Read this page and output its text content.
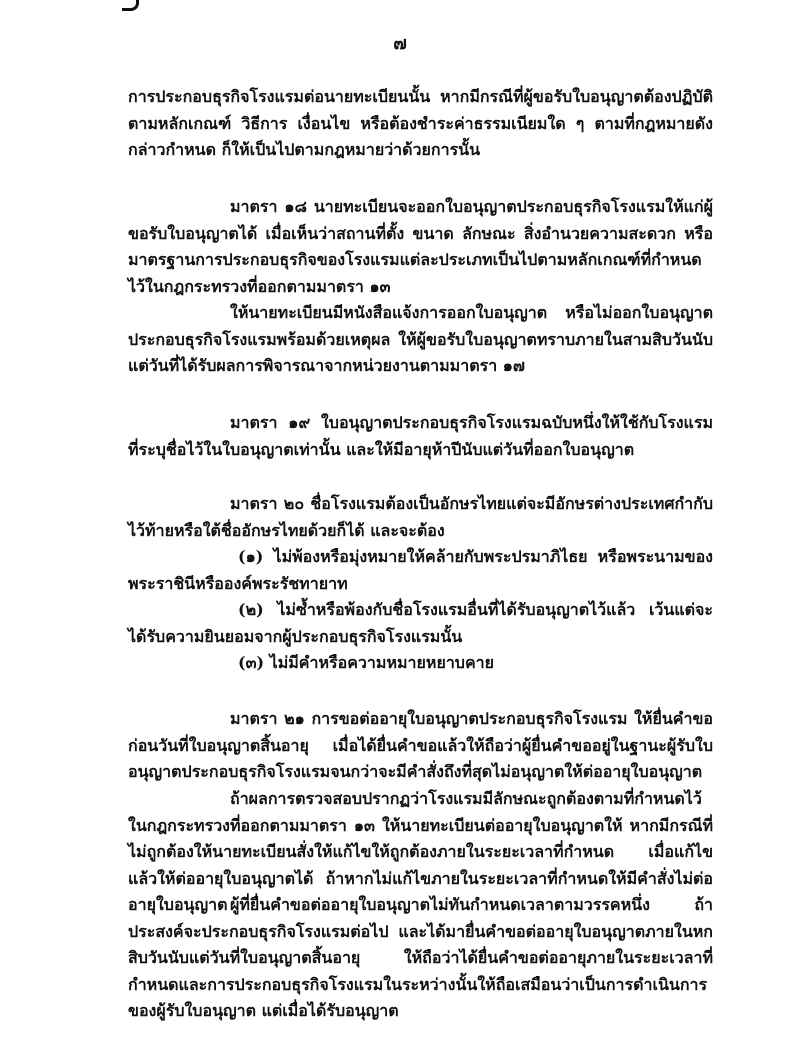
๗

การประกอบธุรกิจโรงแรมต่อนายทะเบียนนั้น หากมีกรณีที่ผู้ขอรับใบอนุญาตต้องปฏิบัติตามหลักเกณฑ์ วิธีการ เงื่อนไข หรือต้องชำระค่าธรรมเนียมใด ๆ ตามที่กฎหมายดังกล่าวกำหนด ก็ให้เป็นไปตามกฎหมายว่าด้วยการนั้น

มาตรา ๑๘ นายทะเบียนจะออกใบอนุญาตประกอบธุรกิจโรงแรมให้แก่ผู้ขอรับใบอนุญาตได้ เมื่อเห็นว่าสถานที่ตั้ง ขนาด ลักษณะ สิ่งอำนวยความสะดวก หรือมาตรฐานการประกอบธุรกิจของโรงแรมแต่ละประเภทเป็นไปตามหลักเกณฑ์ที่กำหนดไว้ในกฎกระทรวงที่ออกตามมาตรา ๑๓

ให้นายทะเบียนมีหนังสือแจ้งการออกใบอนุญาต หรือไม่ออกใบอนุญาตประกอบธุรกิจโรงแรมพร้อมด้วยเหตุผล ให้ผู้ขอรับใบอนุญาตทราบภายในสามสิบวันนับแต่วันที่ได้รับผลการพิจารณาจากหน่วยงานตามมาตรา ๑๗

มาตรา ๑๙ ใบอนุญาตประกอบธุรกิจโรงแรมฉบับหนึ่งให้ใช้กับโรงแรมที่ระบุชื่อไว้ในใบอนุญาตเท่านั้น และให้มีอายุห้าปีนับแต่วันที่ออกใบอนุญาต

มาตรา ๒๐ ชื่อโรงแรมต้องเป็นอักษรไทยแต่จะมีอักษรต่างประเทศกำกับไว้ท้ายหรือใต้ชื่ออักษรไทยด้วยก็ได้ และจะต้อง

(๑) ไม่พ้องหรือมุ่งหมายให้คล้ายกับพระปรมาภิไธย หรือพระนามของพระราชินีหรือองค์พระรัชทายาท

(๒) ไม่ซ้ำหรือพ้องกับชื่อโรงแรมอื่นที่ได้รับอนุญาตไว้แล้ว เว้นแต่จะได้รับความยินยอมจากผู้ประกอบธุรกิจโรงแรมนั้น

(๓) ไม่มีคำหรือความหมายหยาบคาย

มาตรา ๒๑ การขอต่ออายุใบอนุญาตประกอบธุรกิจโรงแรม ให้ยื่นคำขอก่อนวันที่ใบอนุญาตสิ้นอายุ เมื่อได้ยื่นคำขอแล้วให้ถือว่าผู้ยื่นคำขออยู่ในฐานะผู้รับใบอนุญาตประกอบธุรกิจโรงแรมจนกว่าจะมีคำสั่งถึงที่สุดไม่อนุญาตให้ต่ออายุใบอนุญาต

ถ้าผลการตรวจสอบปรากฏว่าโรงแรมมีลักษณะถูกต้องตามที่กำหนดไว้ในกฎกระทรวงที่ออกตามมาตรา ๑๓ ให้นายทะเบียนต่ออายุใบอนุญาตให้ หากมีกรณีที่ไม่ถูกต้องให้นายทะเบียนสั่งให้แก้ไขให้ถูกต้องภายในระยะเวลาที่กำหนด เมื่อแก้ไขแล้วให้ต่ออายุใบอนุญาตได้ ถ้าหากไม่แก้ไขภายในระยะเวลาที่กำหนดให้มีคำสั่งไม่ต่ออายุใบอนุญาต ผู้ที่ยื่นคำขอต่ออายุใบอนุญาตไม่ทันกำหนดเวลาตามวรรคหนึ่ง ถ้าประสงค์จะประกอบธุรกิจโรงแรมต่อไป และได้มายื่นคำขอต่ออายุใบอนุญาตภายในหกสิบวันนับแต่วันที่ใบอนุญาตสิ้นอายุ ให้ถือว่าได้ยื่นคำขอต่ออายุภายในระยะเวลาที่กำหนดและการประกอบธุรกิจโรงแรมในระหว่างนั้นให้ถือเสมือนว่าเป็นการดำเนินการของผู้รับใบอนุญาต แต่เมื่อได้รับอนุญาต
